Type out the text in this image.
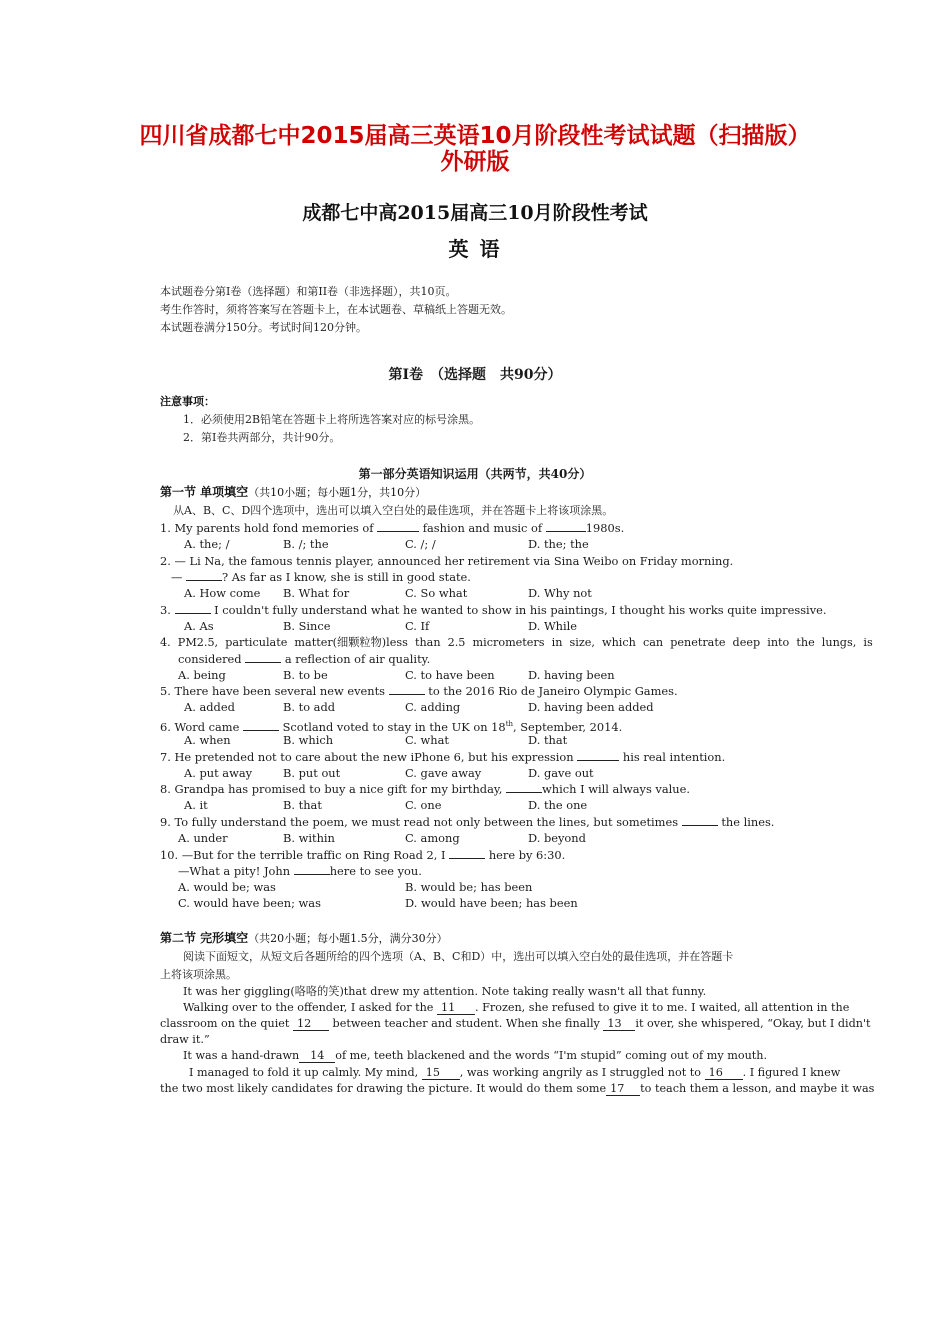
四川省成都七中2015届高三英语10月阶段性考试试题（扫描版）
外研版
成都七中高2015届高三10月阶段性考试
英 语
本试题卷分第I卷（选择题）和第II卷（非选择题），共10页。
考生作答时，须将答案写在答题卡上，在本试题卷、草稿纸上答题无效。
本试题卷满分150分。考试时间120分钟。
第I卷　（选择题　共90分）
注意事项：
1．必须使用2B铅笔在答题卡上将所选答案对应的标号涂黑。
2．第I卷共两部分，共计90分。
第一部分英语知识运用（共两节，共40分）
第一节 单项填空（共10小题；每小题1分，共10分）
从A、B、C、D四个选项中，选出可以填入空白处的最佳选项，并在答题卡上将该项涂黑。
1. My parents hold fond memories of	fashion and music of	1980s.
A. the; /	B. /; the	C. /; /	D. the; the
2. — Li Na, the famous tennis player, announced her retirement via Sina Weibo on Friday morning.
—	? As far as I know, she is still in good state.
A. How come B. What for	C. So what	D. Why not
3.	I couldn't fully understand what he wanted to show in his paintings, I thought his works quite impressive.
A. As	B. Since	C. If	D. While
4.  PM2.5,  particulate  matter(细颗粒物)less  than  2.5  micrometers  in  size,  which  can  penetrate  deep  into  the  lungs,  is
considered	a reflection of air quality.
A. being	B. to be	C. to have been	D. having been
5. There have been several new events	to the 2016 Rio de Janeiro Olympic Games.
A. added	B. to add	C. adding	D. having been added
6. Word came	Scotland voted to stay in the UK on 18th, September, 2014.
A. when	B. which	C. what	D. that
7. He pretended not to care about the new iPhone 6, but his expression	his real intention.
A. put away	B. put out	C. gave away	D. gave out
8. Grandpa has promised to buy a nice gift for my birthday,	which I will always value.
A. it	B. that	C. one	D. the one
9. To fully understand the poem, we must read not only between the lines, but sometimes	the lines.
A. under	B. within	C. among	D. beyond
10. —But for the terrible traffic on Ring Road 2, I	here by 6:30.
—What a pity! John	here to see you.
A. would be; was	B. would be; has been
C. would have been; was	D. would have been; has been
第二节 完形填空（共20小题；每小题1.5分，满分30分）
阅读下面短文，从短文后各题所给的四个选项（A、B、C和D）中，选出可以填入空白处的最佳选项，并在答题卡
上将该项涂黑。
It was her giggling(咯咯的笑)that drew my attention. Note taking really wasn't all that funny.
Walking over to the offender, I asked for the 11 . Frozen, she refused to give it to me. I waited, all attention in the
classroom on the quiet 12 between teacher and student. When she finally 13 it over, she whispered, “Okay, but I didn't
draw it.”
It was a hand-drawn 14 of me, teeth blackened and the words “I'm stupid” coming out of my mouth.
I managed to fold it up calmly. My mind, 15 , was working angrily as I struggled not to 16 . I figured I knew
the two most likely candidates for drawing the picture. It would do them some 17 to teach them a lesson, and maybe it was
